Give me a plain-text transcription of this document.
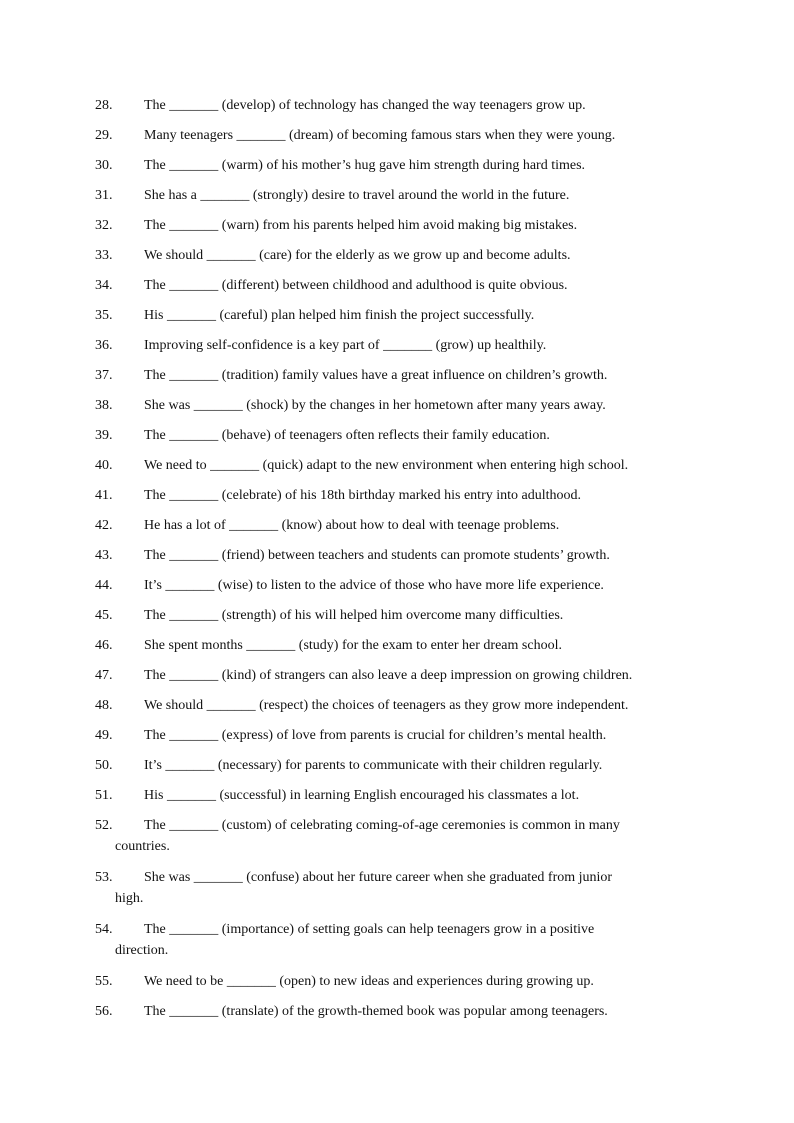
28.	The _______ (develop) of technology has changed the way teenagers grow up.
29.	Many teenagers _______ (dream) of becoming famous stars when they were young.
30.	The _______ (warm) of his mother’s hug gave him strength during hard times.
31.	She has a _______ (strongly) desire to travel around the world in the future.
32.	The _______ (warn) from his parents helped him avoid making big mistakes.
33.	We should _______ (care) for the elderly as we grow up and become adults.
34.	The _______ (different) between childhood and adulthood is quite obvious.
35.	His _______ (careful) plan helped him finish the project successfully.
36.	Improving self-confidence is a key part of _______ (grow) up healthily.
37.	The _______ (tradition) family values have a great influence on children’s growth.
38.	She was _______ (shock) by the changes in her hometown after many years away.
39.	The _______ (behave) of teenagers often reflects their family education.
40.	We need to _______ (quick) adapt to the new environment when entering high school.
41.	The _______ (celebrate) of his 18th birthday marked his entry into adulthood.
42.	He has a lot of _______ (know) about how to deal with teenage problems.
43.	The _______ (friend) between teachers and students can promote students’ growth.
44.	It’s _______ (wise) to listen to the advice of those who have more life experience.
45.	The _______ (strength) of his will helped him overcome many difficulties.
46.	She spent months _______ (study) for the exam to enter her dream school.
47.	The _______ (kind) of strangers can also leave a deep impression on growing children.
48.	We should _______ (respect) the choices of teenagers as they grow more independent.
49.	The _______ (express) of love from parents is crucial for children’s mental health.
50.	It’s _______ (necessary) for parents to communicate with their children regularly.
51.	His _______ (successful) in learning English encouraged his classmates a lot.
52.	The _______ (custom) of celebrating coming-of-age ceremonies is common in many
countries.
53.	She was _______ (confuse) about her future career when she graduated from junior
high.
54.	The _______ (importance) of setting goals can help teenagers grow in a positive
direction.
55.	We need to be _______ (open) to new ideas and experiences during growing up.
56.	The _______ (translate) of the growth-themed book was popular among teenagers.
